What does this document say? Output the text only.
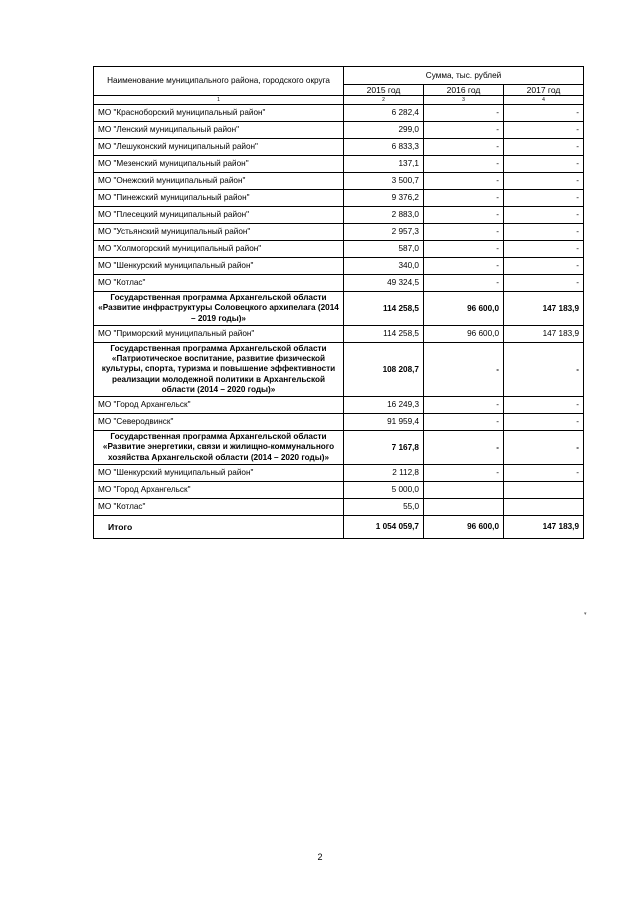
Наименование муниципального района, городского округа	Сумма, тыс. рублей		
	2015 год	2016 год	2017 год
1	2	3	4
МО "Красноборский муниципальный район"	6 282,4	-	-
МО "Ленский муниципальный район"	299,0	-	-
МО "Лешуконский муниципальный район"	6 833,3	-	-
МО "Мезенский муниципальный район"	137,1	-	-
МО "Онежский муниципальный район"	3 500,7	-	-
МО "Пинежский муниципальный район"	9 376,2	-	-
МО "Плесецкий муниципальный район"	2 883,0	-	-
МО "Устьянский муниципальный район"	2 957,3	-	-
МО "Холмогорский муниципальный район"	587,0	-	-
МО "Шенкурский муниципальный район"	340,0	-	-
МО "Котлас"	49 324,5	-	-
Государственная программа Архангельской области «Развитие инфраструктуры Соловецкого архипелага (2014 – 2019 годы)»	114 258,5	96 600,0	147 183,9
МО "Приморский муниципальный район"	114 258,5	96 600,0	147 183,9
Государственная программа Архангельской области «Патриотическое воспитание, развитие физической культуры, спорта, туризма и повышение эффективности реализации молодежной политики в Архангельской области (2014 – 2020 годы)»	108 208,7	-	-
МО "Город Архангельск"	16 249,3	-	-
МО "Северодвинск"	91 959,4	-	-
Государственная программа Архангельской области «Развитие энергетики, связи и жилищно-коммунального хозяйства Архангельской области (2014 – 2020 годы)»	7 167,8	-	-
МО "Шенкурский муниципальный район"	2 112,8	-	-
МО "Город Архангельск"	5 000,0		
МО "Котлас"	55,0		
Итого	1 054 059,7	96 600,0	147 183,9
▾
2
